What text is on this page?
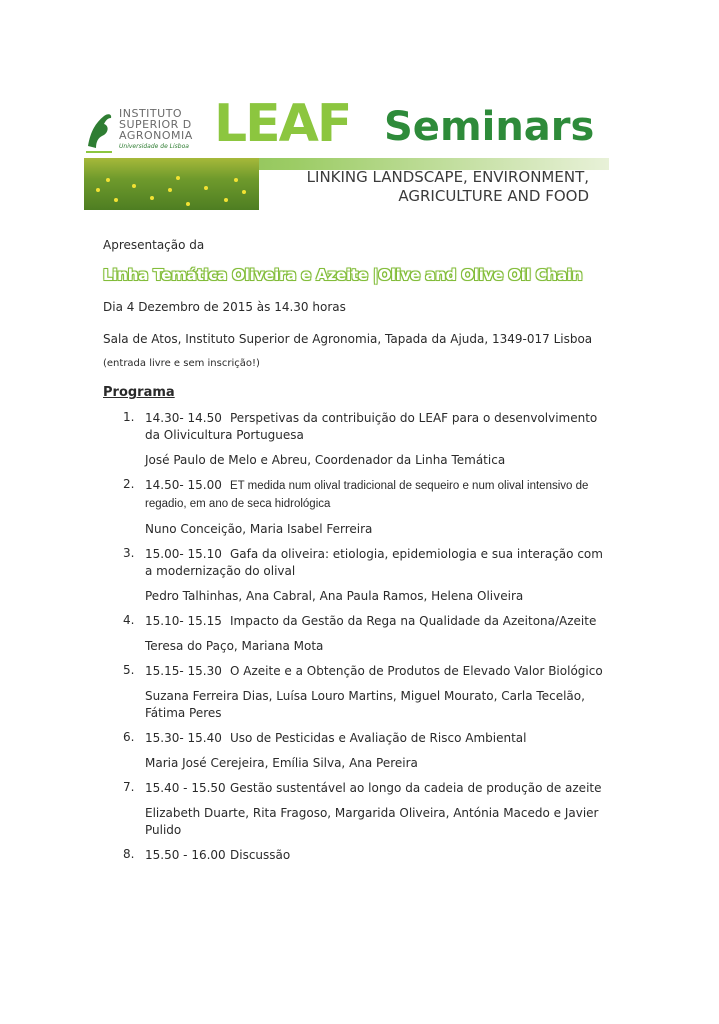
INSTITUTO
SUPERIOR D
AGRONOMIA
Universidade de Lisboa LEAF Seminars
LINKING LANDSCAPE, ENVIRONMENT,
AGRICULTURE AND FOOD

Apresentação da

Linha Temática Oliveira e Azeite |Olive and Olive Oil Chain

Dia 4 Dezembro de 2015 às 14.30 horas

Sala de Atos, Instituto Superior de Agronomia, Tapada da Ajuda, 1349-017 Lisboa

(entrada livre e sem inscrição!)

Programa

1. 14.30- 14.50 Perspetivas da contribuição do LEAF para o desenvolvimento da Olivicultura Portuguesa
José Paulo de Melo e Abreu, Coordenador da Linha Temática
2. 14.50- 15.00 ET medida num olival tradicional de sequeiro e num olival intensivo de regadio, em ano de seca hidrológica
Nuno Conceição, Maria Isabel Ferreira
3. 15.00- 15.10 Gafa da oliveira: etiologia, epidemiologia e sua interação com a modernização do olival
Pedro Talhinhas, Ana Cabral, Ana Paula Ramos, Helena Oliveira
4. 15.10- 15.15 Impacto da Gestão da Rega na Qualidade da Azeitona/Azeite
Teresa do Paço, Mariana Mota
5. 15.15- 15.30 O Azeite e a Obtenção de Produtos de Elevado Valor Biológico
Suzana Ferreira Dias, Luísa Louro Martins, Miguel Mourato, Carla Tecelão, Fátima Peres
6. 15.30- 15.40 Uso de Pesticidas e Avaliação de Risco Ambiental
Maria José Cerejeira, Emília Silva, Ana Pereira
7. 15.40 - 15.50 Gestão sustentável ao longo da cadeia de produção de azeite
Elizabeth Duarte, Rita Fragoso, Margarida Oliveira, Antónia Macedo e Javier Pulido
8. 15.50 - 16.00 Discussão
